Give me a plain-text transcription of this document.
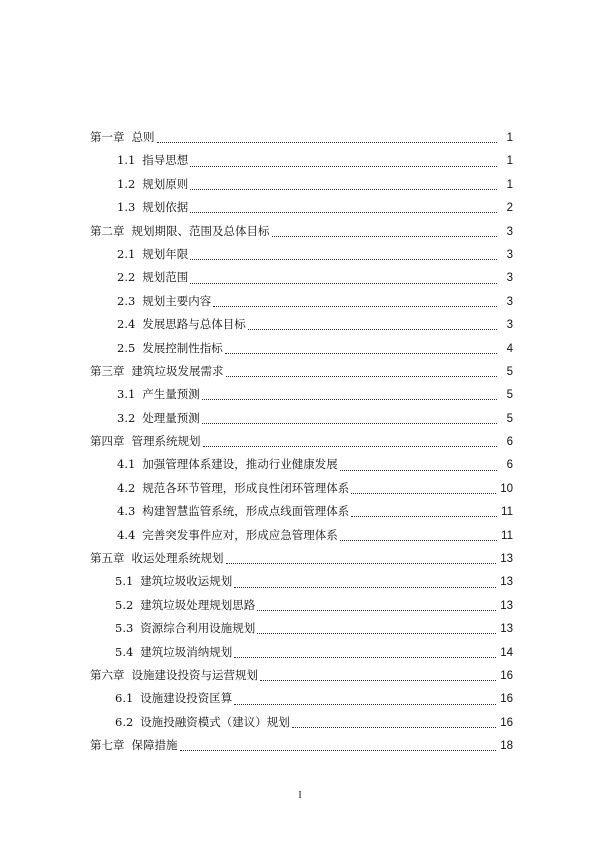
第一章 总则	1
1.1 指导思想	1
1.2 规划原则	1
1.3 规划依据	2
第二章 规划期限、范围及总体目标	3
2.1 规划年限	3
2.2 规划范围	3
2.3 规划主要内容	3
2.4 发展思路与总体目标	3
2.5 发展控制性指标	4
第三章 建筑垃圾发展需求	5
3.1 产生量预测	5
3.2 处理量预测	5
第四章 管理系统规划	6
4.1 加强管理体系建设，推动行业健康发展	6
4.2 规范各环节管理，形成良性闭环管理体系	10
4.3 构建智慧监管系统，形成点线面管理体系	11
4.4 完善突发事件应对，形成应急管理体系	11
第五章 收运处理系统规划	13
5.1 建筑垃圾收运规划	13
5.2 建筑垃圾处理规划思路	13
5.3 资源综合利用设施规划	13
5.4 建筑垃圾消纳规划	14
第六章 设施建设投资与运营规划	16
6.1 设施建设投资匡算	16
6.2 设施投融资模式（建议）规划	16
第七章 保障措施	18
I
